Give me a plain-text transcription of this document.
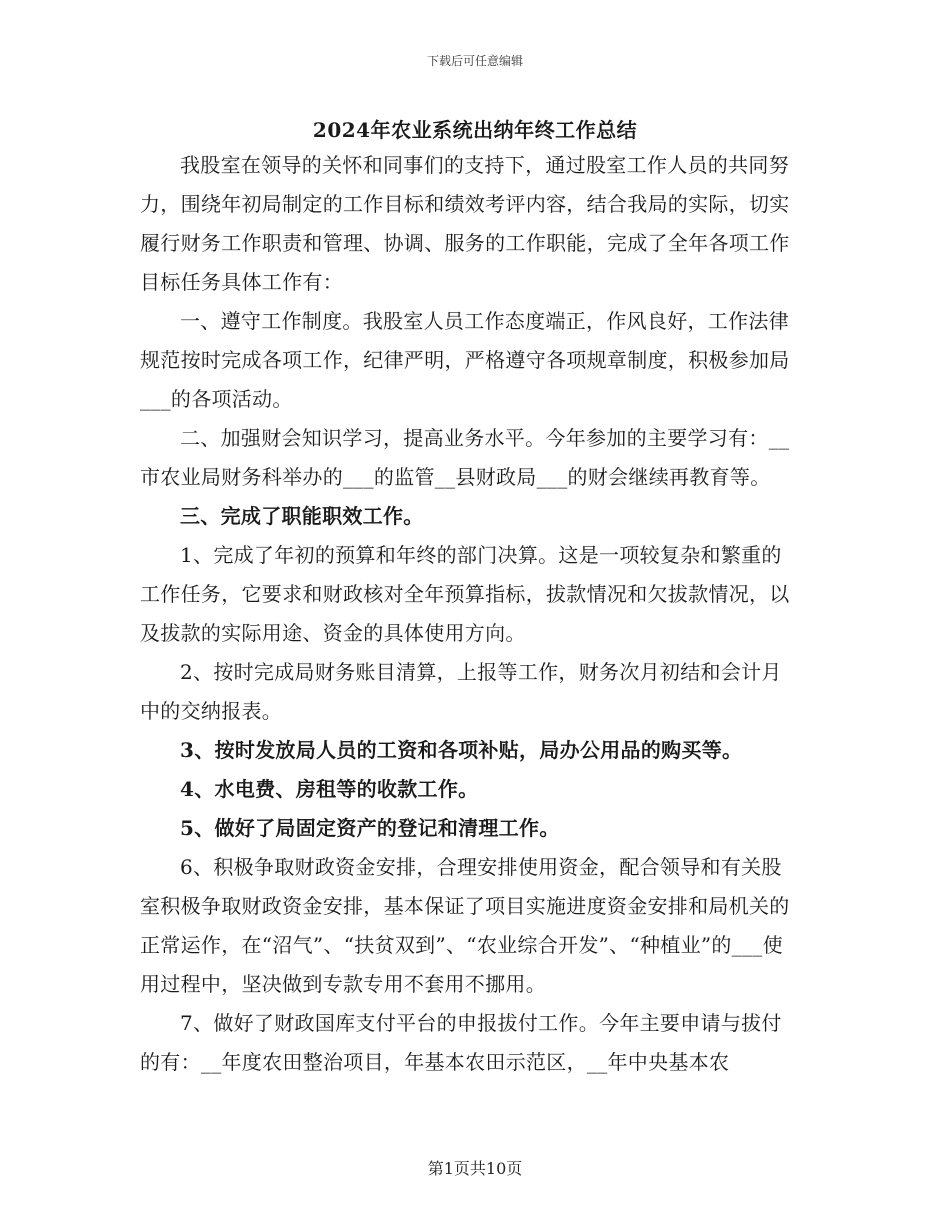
下载后可任意编辑
2024年农业系统出纳年终工作总结

我股室在领导的关怀和同事们的支持下，通过股室工作人员的共同努力，围绕年初局制定的工作目标和绩效考评内容，结合我局的实际，切实履行财务工作职责和管理、协调、服务的工作职能，完成了全年各项工作目标任务具体工作有：

一、遵守工作制度。我股室人员工作态度端正，作风良好，工作法律规范按时完成各项工作，纪律严明，严格遵守各项规章制度，积极参加局___的各项活动。

二、加强财会知识学习，提高业务水平。今年参加的主要学习有：__市农业局财务科举办的___的监管__县财政局___的财会继续再教育等。

三、完成了职能职效工作。

1、完成了年初的预算和年终的部门决算。这是一项较复杂和繁重的工作任务，它要求和财政核对全年预算指标，拔款情况和欠拔款情况，以及拔款的实际用途、资金的具体使用方向。

2、按时完成局财务账目清算，上报等工作，财务次月初结和会计月中的交纳报表。

3、按时发放局人员的工资和各项补贴，局办公用品的购买等。

4、水电费、房租等的收款工作。

5、做好了局固定资产的登记和清理工作。

6、积极争取财政资金安排，合理安排使用资金，配合领导和有关股室积极争取财政资金安排，基本保证了项目实施进度资金安排和局机关的正常运作，在“沼气”、“扶贫双到”、“农业综合开发”、“种植业”的___使用过程中，坚决做到专款专用不套用不挪用。

7、做好了财政国库支付平台的申报拔付工作。今年主要申请与拔付的有：__年度农田整治项目，年基本农田示范区，__年中央基本农

第1页共10页
